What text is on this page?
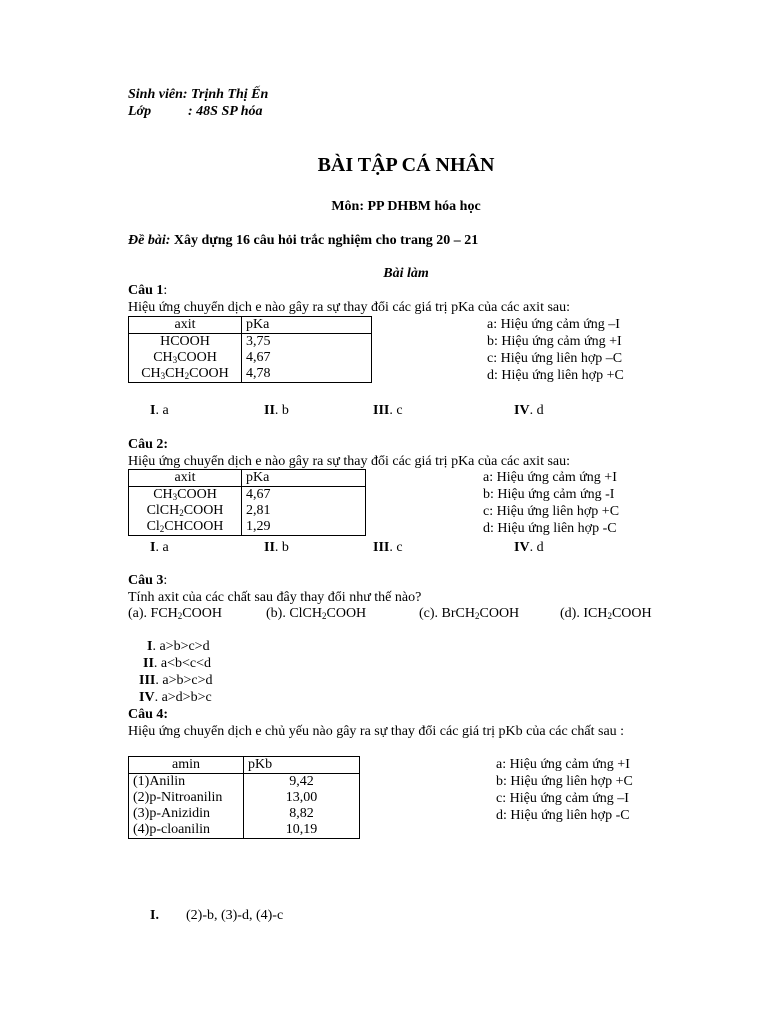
Sinh viên: Trịnh Thị Ến
Lớp	: 48S SP hóa
BÀI TẬP CÁ NHÂN
Môn: PP DHBM hóa học
Đề bài: Xây dựng 16 câu hỏi trắc nghiệm cho trang 20 – 21
Bài làm
Câu 1:
Hiệu ứng chuyển dịch e nào gây ra sự thay đổi các giá trị pKa của các axit sau:
axit	pKa
HCOOH	3,75
$CH_3COOH$	4,67
$CH_3CH_2COOH$	4,78
a: Hiệu ứng cảm ứng –I
b: Hiệu ứng cảm ứng +I
c: Hiệu ứng liên hợp –C
d: Hiệu ứng liên hợp +C
I. a	II. b	III. c	IV. d
Câu 2:
Hiệu ứng chuyển dịch e nào gây ra sự thay đổi các giá trị pKa của các axit sau:
axit	pKa
$CH_3COOH$	4,67
ClCH$_2$COOH	2,81
$Cl_2CHCOOH$	1,29
a: Hiệu ứng cảm ứng +I
b: Hiệu ứng cảm ứng -I
c: Hiệu ứng liên hợp +C
d: Hiệu ứng liên hợp -C
I. a	II. b	III. c	IV. d
Câu 3:
Tính axit của các chất sau đây thay đổi như thế nào?
(a). $FCH_2COOH$	(b). ClCH$_2$COOH	(c). BrCH$_2$COOH	(d). $ICH_2COOH$
I. a>b>c>d
II. a<b<c<d
III. a>b>c>d
IV. a>d>b>c
Câu 4:
Hiệu ứng chuyển dịch e chủ yếu nào gây ra sự thay đổi các giá trị pKb của các chất sau :
amin	pKb
(1)Anilin	9,42
(2)p-Nitroanilin	13,00
(3)p-Anizidin	8,82
(4)p-cloanilin	10,19
a: Hiệu ứng cảm ứng +I
b: Hiệu ứng liên hợp +C
c: Hiệu ứng cảm ứng –I
d: Hiệu ứng liên hợp -C
I. (2)-b, (3)-d, (4)-c
